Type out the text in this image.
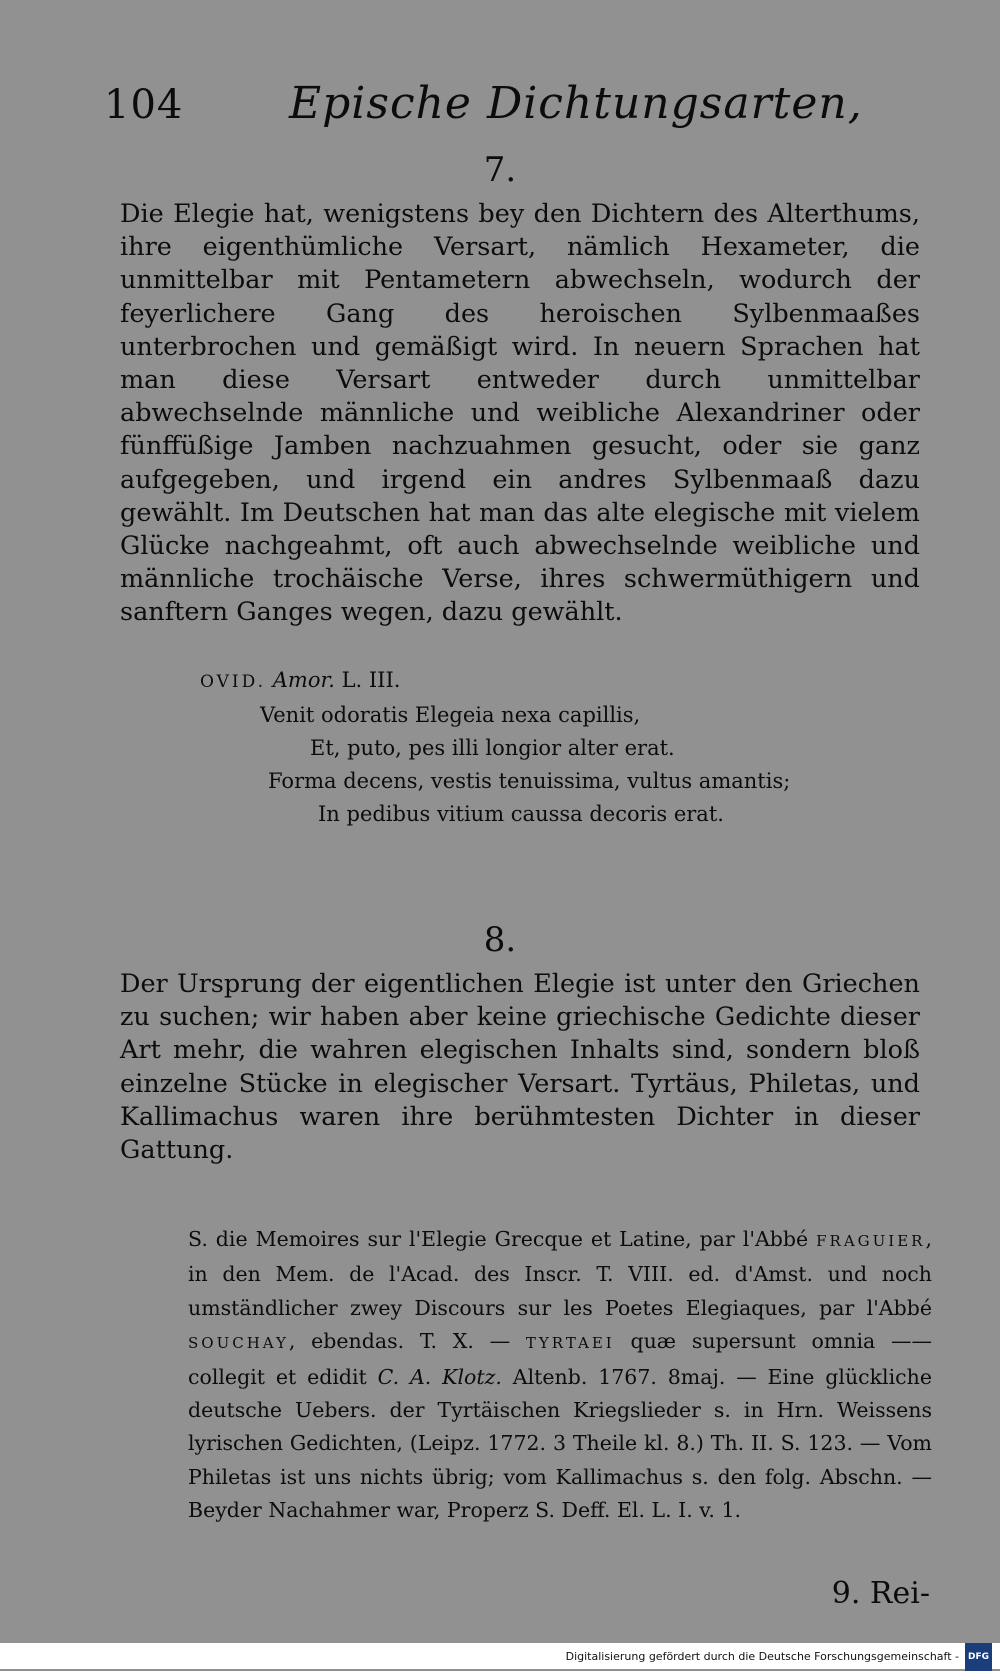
104 Epische Dichtungsarten,
7.

Die Elegie hat, wenigstens bey den Dichtern des Alterthums, ihre eigenthümliche Versart, nämlich Hexameter, die unmittelbar mit Pentametern abwechseln, wodurch der feyerlichere Gang des heroischen Sylbenmaaßes unterbrochen und gemäßigt wird. In neuern Sprachen hat man diese Versart entweder durch unmittelbar abwechselnde männliche und weibliche Alexandriner oder fünffüßige Jamben nachzuahmen gesucht, oder sie ganz aufgegeben, und irgend ein andres Sylbenmaaß dazu gewählt. Im Deutschen hat man das alte elegische mit vielem Glücke nachgeahmt, oft auch abwechselnde weibliche und männliche trochäische Verse, ihres schwermüthigern und sanftern Ganges wegen, dazu gewählt.

OVID. Amor. L. III.
Venit odoratis Elegeia nexa capillis,
Et, puto, pes illi longior alter erat.
Forma decens, vestis tenuissima, vultus amantis;
In pedibus vitium caussa decoris erat.
8.

Der Ursprung der eigentlichen Elegie ist unter den Griechen zu suchen; wir haben aber keine griechische Gedichte dieser Art mehr, die wahren elegischen Inhalts sind, sondern bloß einzelne Stücke in elegischer Versart. Tyrtäus, Philetas, und Kallimachus waren ihre berühmtesten Dichter in dieser Gattung.

S. die Memoires sur l'Elegie Grecque et Latine, par l'Abbé FRAGUIER, in den Mem. de l'Acad. des Inscr. T. VIII. ed. d'Amst. und noch umständlicher zwey Discours sur les Poetes Elegiaques, par l'Abbé SOUCHAY, ebendas. T. X. — TYRTAEI quæ supersunt omnia —— collegit et edidit C. A. Klotz. Altenb. 1767. 8maj. — Eine glückliche deutsche Uebers. der Tyrtäischen Kriegslieder s. in Hrn. Weissens lyrischen Gedichten, (Leipz. 1772. 3 Theile kl. 8.) Th. II. S. 123. — Vom Philetas ist uns nichts übrig; vom Kallimachus s. den folg. Abschn. — Beyder Nachahmer war, Properz S. Deff. El. L. I. v. 1.

9. Rei-
Digitalisierung gefördert durch die Deutsche Forschungsgemeinschaft - DFG
